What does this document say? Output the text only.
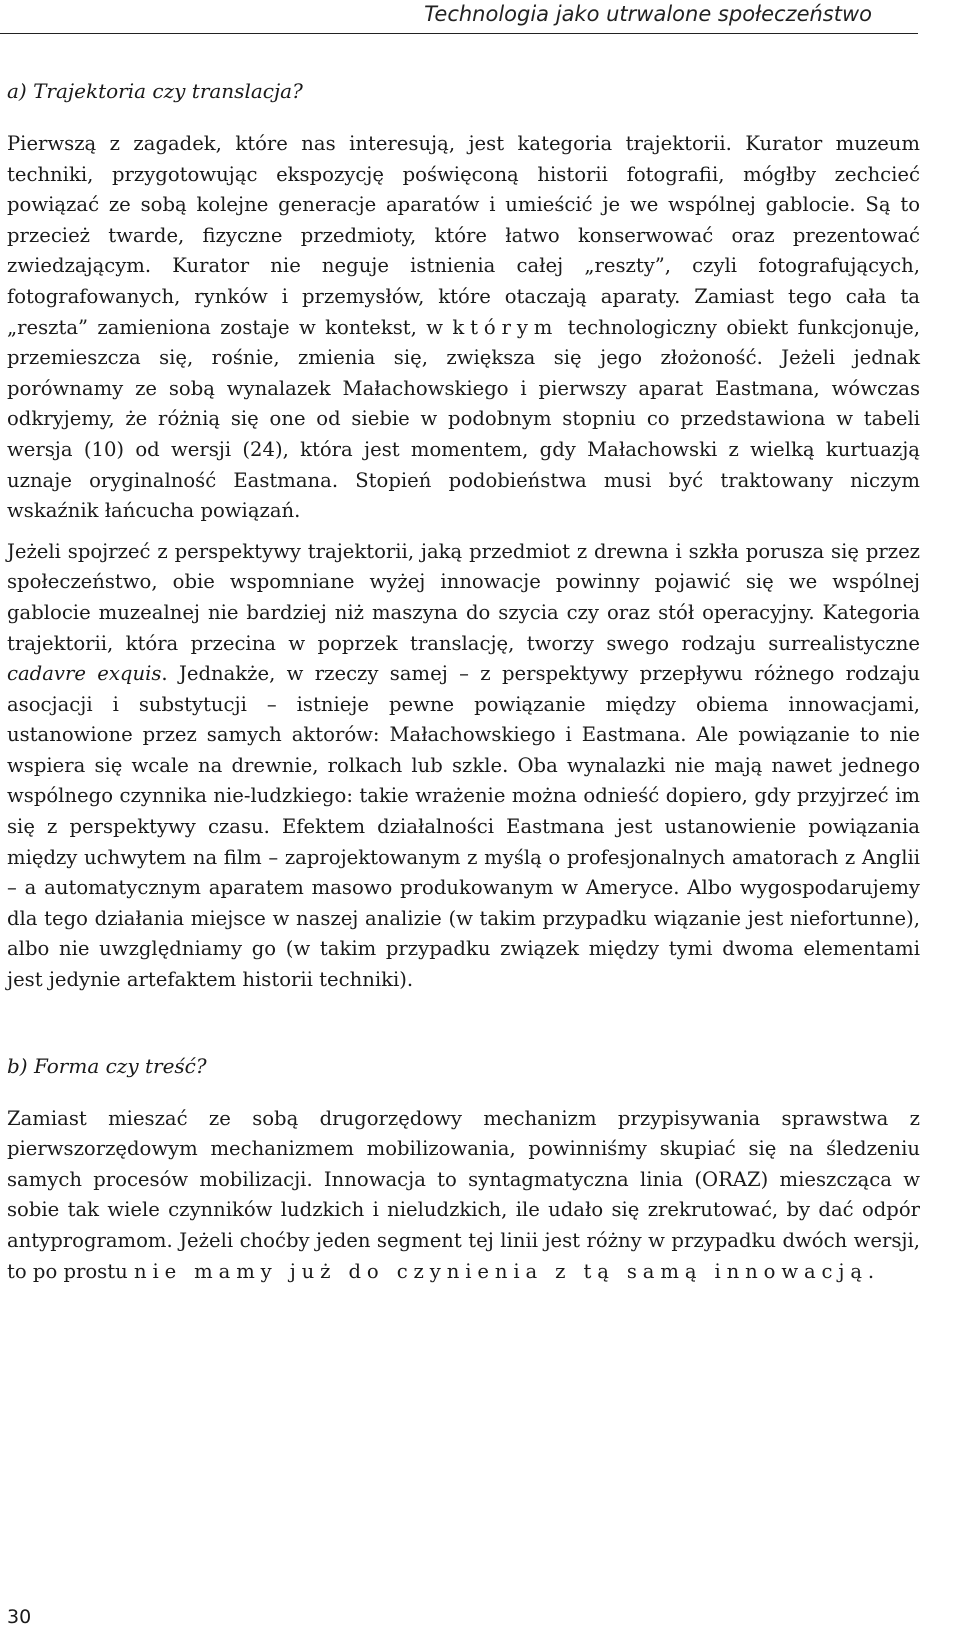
Technologia jako utrwalone społeczeństwo
a) Trajektoria czy translacja?

Pierwszą z zagadek, które nas interesują, jest kategoria trajektorii. Kurator muzeum techniki, przygotowując ekspozycję poświęconą historii fotografii, mógłby zechcieć powiązać ze sobą kolejne generacje aparatów i umieścić je we wspólnej gablocie. Są to przecież twarde, fizyczne przedmioty, które łatwo konserwować oraz prezentować zwiedzającym. Kurator nie neguje istnienia całej „reszty”, czyli fotografujących, fotografowanych, rynków i przemysłów, które otaczają aparaty. Zamiast tego cała ta „reszta” zamieniona zostaje w kontekst, w którym technologiczny obiekt funkcjonuje, przemieszcza się, rośnie, zmienia się, zwiększa się jego złożoność. Jeżeli jednak porównamy ze sobą wynalazek Małachowskiego i pierwszy aparat Eastmana, wówczas odkryjemy, że różnią się one od siebie w podobnym stopniu co przedstawiona w tabeli wersja (10) od wersji (24), która jest momentem, gdy Małachowski z wielką kurtuazją uznaje oryginalność Eastmana. Stopień podobieństwa musi być traktowany niczym wskaźnik łańcucha powiązań.

Jeżeli spojrzeć z perspektywy trajektorii, jaką przedmiot z drewna i szkła porusza się przez społeczeństwo, obie wspomniane wyżej innowacje powinny pojawić się we wspólnej gablocie muzealnej nie bardziej niż maszyna do szycia czy oraz stół operacyjny. Kategoria trajektorii, która przecina w poprzek translację, tworzy swego rodzaju surrealistyczne cadavre exquis. Jednakże, w rzeczy samej – z perspektywy przepływu różnego rodzaju asocjacji i substytucji – istnieje pewne powiązanie między obiema innowacjami, ustanowione przez samych aktorów: Małachowskiego i Eastmana. Ale powiązanie to nie wspiera się wcale na drewnie, rolkach lub szkle. Oba wynalazki nie mają nawet jednego wspólnego czynnika nie-ludzkiego: takie wrażenie można odnieść dopiero, gdy przyjrzeć im się z perspektywy czasu. Efektem działalności Eastmana jest ustanowienie powiązania między uchwytem na film – zaprojektowanym z myślą o profesjonalnych amatorach z Anglii – a automatycznym aparatem masowo produkowanym w Ameryce. Albo wygospodarujemy dla tego działania miejsce w naszej analizie (w takim przypadku wiązanie jest niefortunne), albo nie uwzględniamy go (w takim przypadku związek między tymi dwoma elementami jest jedynie artefaktem historii techniki).

b) Forma czy treść?

Zamiast mieszać ze sobą drugorzędowy mechanizm przypisywania sprawstwa z pierwszorzędowym mechanizmem mobilizowania, powinniśmy skupiać się na śledzeniu samych procesów mobilizacji. Innowacja to syntagmatyczna linia (ORAZ) mieszcząca w sobie tak wiele czynników ludzkich i nieludzkich, ile udało się zrekrutować, by dać odpór antyprogramom. Jeżeli choćby jeden segment tej linii jest różny w przypadku dwóch wersji, to po prostu nie mamy już do czynienia z tą samą innowacją.

30
